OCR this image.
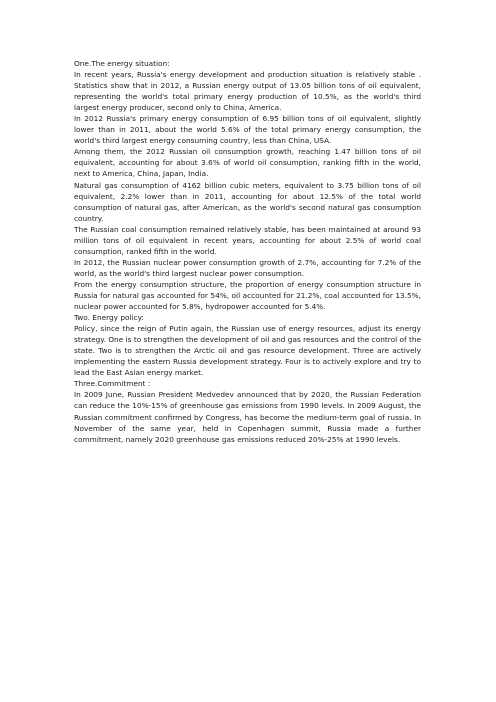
One.The energy situation:

In recent years, Russia's energy development and production situation is relatively stable . Statistics show that in 2012, a Russian energy output of 13.05 billion tons of oil equivalent, representing the world's total primary energy production of 10.5%, as the world's third largest energy producer, second only to China, America.

In 2012 Russia's primary energy consumption of 6.95 billion tons of oil equivalent, slightly lower than in 2011, about the world 5.6% of the total primary energy consumption, the world's third largest energy consuming country, less than China, USA.

Among them, the 2012 Russian oil consumption growth, reaching 1.47 billion tons of oil equivalent, accounting for about 3.6% of world oil consumption, ranking fifth in the world, next to America, China, Japan, India.

Natural gas consumption of 4162 billion cubic meters, equivalent to 3.75 billion tons of oil equivalent, 2.2% lower than in 2011, accounting for about 12.5% of the total world consumption of natural gas, after American, as the world's second natural gas consumption country.

The Russian coal consumption remained relatively stable, has been maintained at around 93 million tons of oil equivalent in recent years, accounting for about 2.5% of world coal consumption, ranked fifth in the world.

In 2012, the Russian nuclear power consumption growth of 2.7%, accounting for 7.2% of the world, as the world's third largest nuclear power consumption.

From the energy consumption structure, the proportion of energy consumption structure in Russia for natural gas accounted for 54%, oil accounted for 21.2%, coal accounted for 13.5%, nuclear power accounted for 5.8%, hydropower accounted for 5.4%.

Two. Energy policy:

Policy, since the reign of Putin again, the Russian use of energy resources, adjust its energy strategy. One is to strengthen the development of oil and gas resources and the control of the state. Two is to strengthen the Arctic oil and gas resource development. Three are actively implementing the eastern Russia development strategy. Four is to actively explore and try to lead the East Asian energy market.

Three.Commitment :

In 2009 June, Russian President Medvedev announced that by 2020, the Russian Federation can reduce the 10%-15% of greenhouse gas emissions from 1990 levels. In 2009 August, the Russian commitment confirmed by Congress, has become the medium-term goal of russia. In November of the same year, held in Copenhagen summit, Russia made a further commitment, namely 2020 greenhouse gas emissions reduced 20%-25% at 1990 levels.
